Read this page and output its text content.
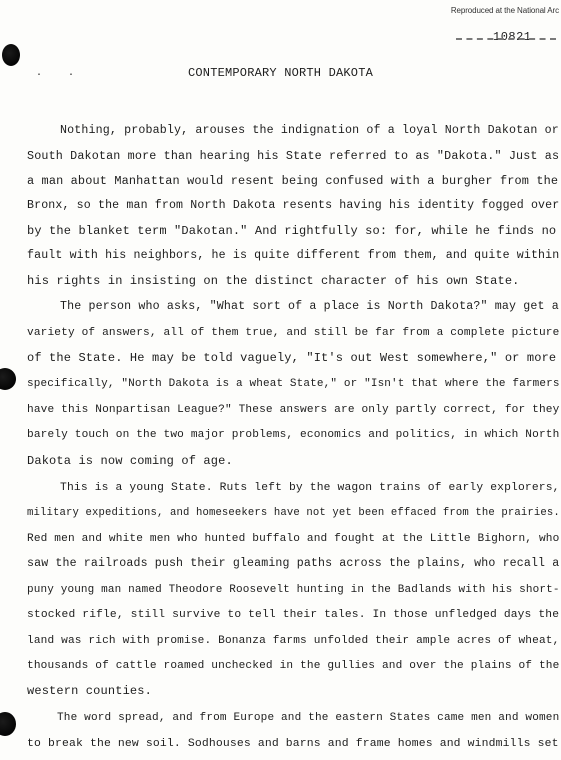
Reproduced at the National Arc
10821
· ·	CONTEMPORARY NORTH DAKOTA
Nothing, probably, arouses the indignation of a loyal North Dakotan or
South Dakotan more than hearing his State referred to as "Dakota." Just as
a man about Manhattan would resent being confused with a burgher from the
Bronx, so the man from North Dakota resents having his identity fogged over
by the blanket term "Dakotan." And rightfully so: for, while he finds no
fault with his neighbors, he is quite different from them, and quite within
his rights in insisting on the distinct character of his own State.
The person who asks, "What sort of a place is North Dakota?" may get a
variety of answers, all of them true, and still be far from a complete picture
of the State. He may be told vaguely, "It's out West somewhere," or more
specifically, "North Dakota is a wheat State," or "Isn't that where the farmers
have this Nonpartisan League?" These answers are only partly correct, for they
barely touch on the two major problems, economics and politics, in which North
Dakota is now coming of age.
This is a young State. Ruts left by the wagon trains of early explorers,
military expeditions, and homeseekers have not yet been effaced from the prairies.
Red men and white men who hunted buffalo and fought at the Little Bighorn, who
saw the railroads push their gleaming paths across the plains, who recall a
puny young man named Theodore Roosevelt hunting in the Badlands with his short-
stocked rifle, still survive to tell their tales. In those unfledged days the
land was rich with promise. Bonanza farms unfolded their ample acres of wheat,
thousands of cattle roamed unchecked in the gullies and over the plains of the
western counties.
The word spread, and from Europe and the eastern States came men and women
to break the new soil. Sodhouses and barns and frame homes and windmills set
